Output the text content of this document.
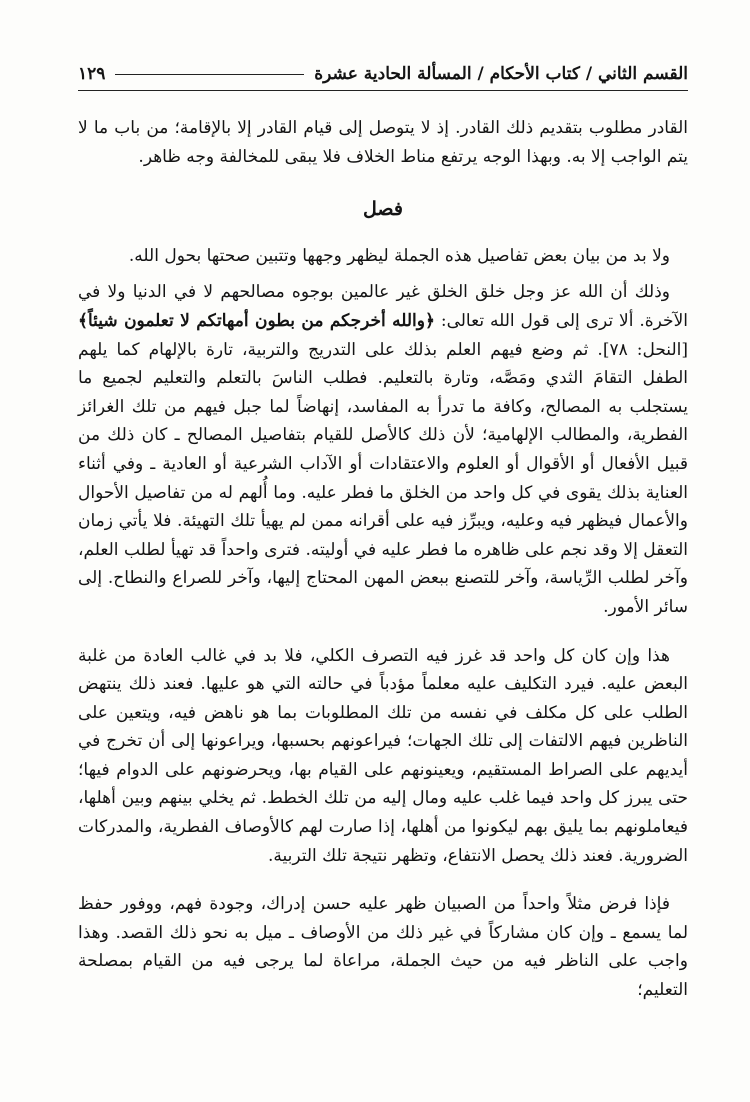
القسم الثاني / كتاب الأحكام / المسألة الحادية عشرة
١٢٩

القادر مطلوب بتقديم ذلك القادر. إذ لا يتوصل إلى قيام القادر إلا بالإقامة؛ من باب ما لا يتم الواجب إلا به. وبهذا الوجه يرتفع مناط الخلاف فلا يبقى للمخالفة وجه ظاهر.

فصل

ولا بد من بيان بعض تفاصيل هذه الجملة ليظهر وجهها وتتبين صحتها بحول الله.

وذلك أن الله عز وجل خلق الخلق غير عالمين بوجوه مصالحهم لا في الدنيا ولا في الآخرة. ألا ترى إلى قول الله تعالى: ﴿والله أخرجكم من بطون أمهاتكم لا تعلمون شيئاً﴾ [النحل: ٧٨]. ثم وضع فيهم العلم بذلك على التدريج والتربية، تارة بالإلهام كما يلهم الطفل التقامَ الثدي ومَصَّه، وتارة بالتعليم. فطلب الناسَ بالتعلم والتعليم لجميع ما يستجلب به المصالح، وكافة ما تدرأ به المفاسد، إنهاضاً لما جبل فيهم من تلك الغرائز الفطرية، والمطالب الإلهامية؛ لأن ذلك كالأصل للقيام بتفاصيل المصالح ـ كان ذلك من قبيل الأفعال أو الأقوال أو العلوم والاعتقادات أو الآداب الشرعية أو العادية ـ وفي أثناء العناية بذلك يقوى في كل واحد من الخلق ما فطر عليه. وما أُلهم له من تفاصيل الأحوال والأعمال فيظهر فيه وعليه، ويبرِّز فيه على أقرانه ممن لم يهيأ تلك التهيئة. فلا يأتي زمان التعقل إلا وقد نجم على ظاهره ما فطر عليه في أوليته. فترى واحداً قد تهيأ لطلب العلم، وآخر لطلب الرِّياسة، وآخر للتصنع ببعض المهن المحتاج إليها، وآخر للصراع والنطاح. إلى سائر الأمور.

هذا وإن كان كل واحد قد غرز فيه التصرف الكلي، فلا بد في غالب العادة من غلبة البعض عليه. فيرد التكليف عليه معلماً مؤدباً في حالته التي هو عليها. فعند ذلك ينتهض الطلب على كل مكلف في نفسه من تلك المطلوبات بما هو ناهض فيه، ويتعين على الناظرين فيهم الالتفات إلى تلك الجهات؛ فيراعونهم بحسبها، ويراعونها إلى أن تخرج في أيديهم على الصراط المستقيم، ويعينونهم على القيام بها، ويحرضونهم على الدوام فيها؛ حتى يبرز كل واحد فيما غلب عليه ومال إليه من تلك الخطط. ثم يخلي بينهم وبين أهلها، فيعاملونهم بما يليق بهم ليكونوا من أهلها، إذا صارت لهم كالأوصاف الفطرية، والمدركات الضرورية. فعند ذلك يحصل الانتفاع، وتظهر نتيجة تلك التربية.

فإذا فرض مثلاً واحداً من الصبيان ظهر عليه حسن إدراك، وجودة فهم، ووفور حفظ لما يسمع ـ وإن كان مشاركاً في غير ذلك من الأوصاف ـ ميل به نحو ذلك القصد. وهذا واجب على الناظر فيه من حيث الجملة، مراعاة لما يرجى فيه من القيام بمصلحة التعليم؛
